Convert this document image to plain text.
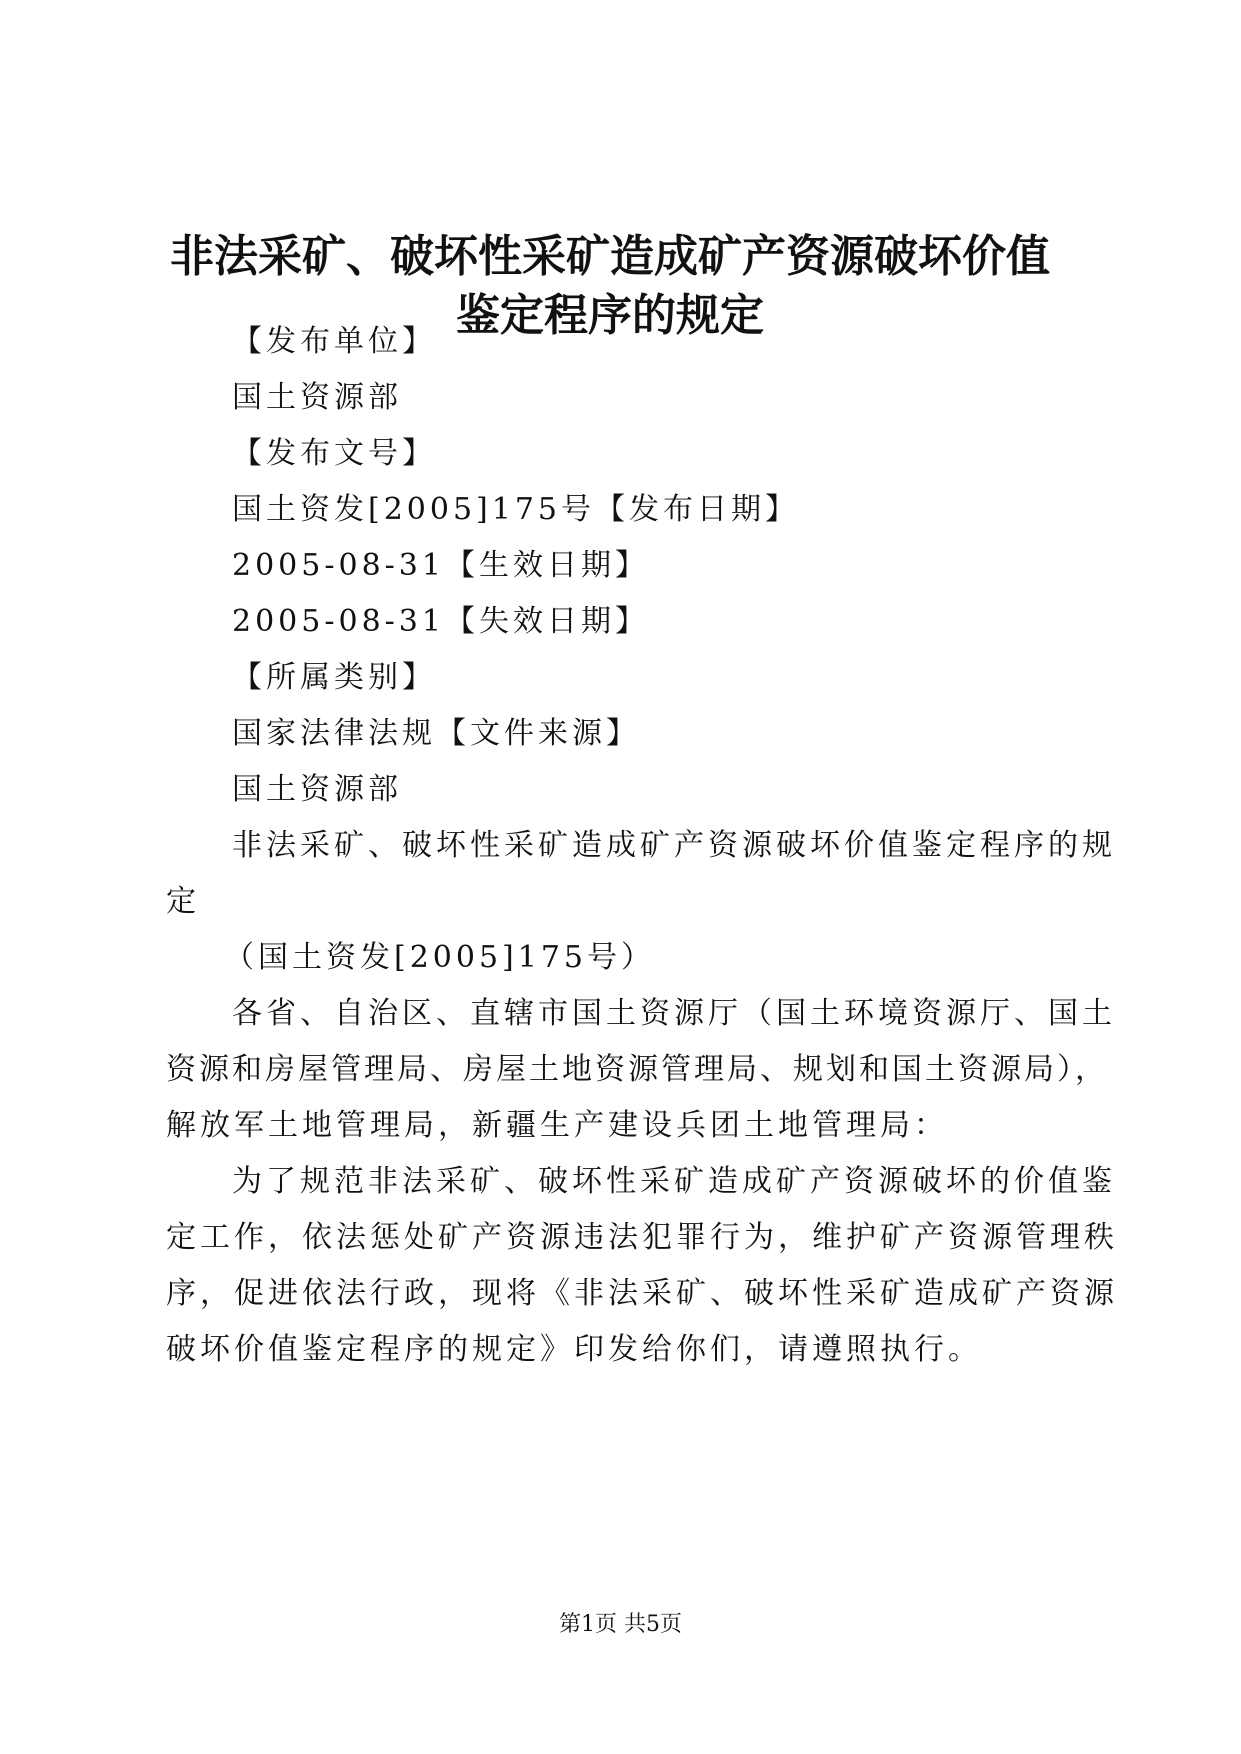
非法采矿、破坏性采矿造成矿产资源破坏价值
鉴定程序的规定
【发布单位】
国土资源部
【发布文号】
国土资发[2005]175号【发布日期】
2005-08-31【生效日期】
2005-08-31【失效日期】
【所属类别】
国家法律法规【文件来源】
国土资源部
非法采矿、破坏性采矿造成矿产资源破坏价值鉴定程序的规
定
（国土资发[2005]175号）
各省、自治区、直辖市国土资源厅（国土环境资源厅、国土
资源和房屋管理局、房屋土地资源管理局、规划和国土资源局），
解放军土地管理局，新疆生产建设兵团土地管理局：
为了规范非法采矿、破坏性采矿造成矿产资源破坏的价值鉴
定工作，依法惩处矿产资源违法犯罪行为，维护矿产资源管理秩
序，促进依法行政，现将《非法采矿、破坏性采矿造成矿产资源
破坏价值鉴定程序的规定》印发给你们，请遵照执行。
第1页 共5页
